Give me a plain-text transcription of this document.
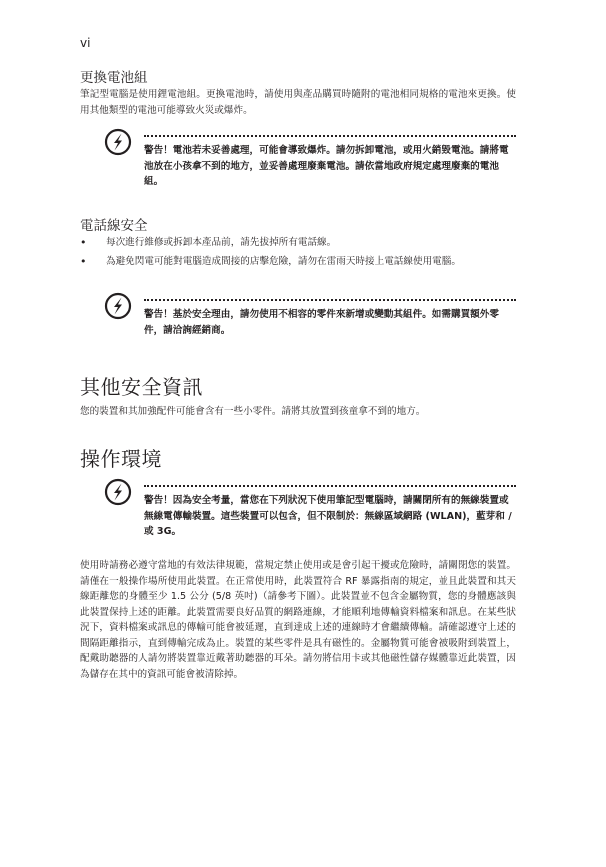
vi
更換電池組
筆記型電腦是使用鋰電池組。更換電池時，請使用與產品購買時隨附的電池相同規格的電池來更換。使用其他類型的電池可能導致火災或爆炸。
警告！電池若未妥善處理，可能會導致爆炸。請勿拆卸電池，或用火銷毀電池。請將電池放在小孩拿不到的地方，並妥善處理廢棄電池。請依當地政府規定處理廢棄的電池組。
電話線安全
• 每次進行維修或拆卸本產品前，請先拔掉所有電話線。
• 為避免閃電可能對電腦造成間接的店擊危險，請勿在雷雨天時接上電話線使用電腦。
警告！基於安全理由，請勿使用不相容的零件來新增或變動其組件。如需購買額外零件，請洽詢經銷商。
其他安全資訊
您的裝置和其加強配件可能會含有一些小零件。請將其放置到孩童拿不到的地方。
操作環境
警告！因為安全考量，當您在下列狀況下使用筆記型電腦時，請關閉所有的無線裝置或無線電傳輸裝置。這些裝置可以包含，但不限制於：無線區域網路 (WLAN)，藍芽和 / 或 3G。
使用時請務必遵守當地的有效法律規範，當規定禁止使用或是會引起干擾或危險時，請關閉您的裝置。請僅在一般操作場所使用此裝置。在正常使用時，此裝置符合 RF 暴露指南的規定，並且此裝置和其天線距離您的身體至少 1.5 公分 (5/8 英吋)（請參考下圖）。此裝置並不包含金屬物質，您的身體應該與此裝置保持上述的距離。此裝置需要良好品質的網路連線，才能順利地傳輸資料檔案和訊息。在某些狀況下，資料檔案或訊息的傳輸可能會被延遲，直到達成上述的連線時才會繼續傳輸。請確認遵守上述的間隔距離指示，直到傳輸完成為止。裝置的某些零件是具有磁性的。金屬物質可能會被吸附到裝置上，配戴助聽器的人請勿將裝置靠近戴著助聽器的耳朵。請勿將信用卡或其他磁性儲存媒體靠近此裝置，因為儲存在其中的資訊可能會被清除掉。
